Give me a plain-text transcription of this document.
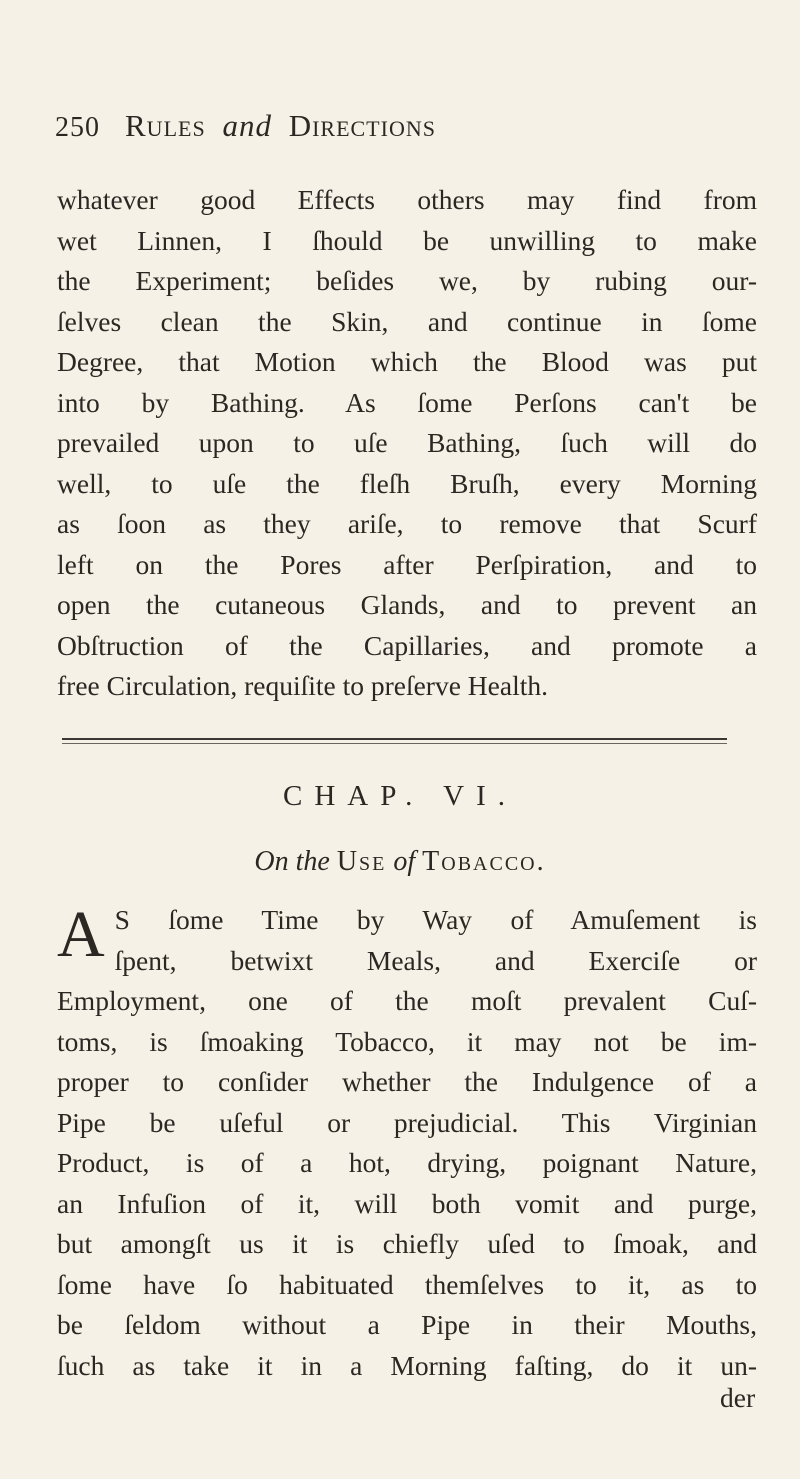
250 Rules and Directions
whatever good Effects others may find from
wet Linnen, I ſhould be unwilling to make
the Experiment; beſides we, by rubing our-
ſelves clean the Skin, and continue in ſome
Degree, that Motion which the Blood was put
into by Bathing. As ſome Perſons can't be
prevailed upon to uſe Bathing, ſuch will do
well, to uſe the fleſh Bruſh, every Morning
as ſoon as they ariſe, to remove that Scurf
left on the Pores after Perſpiration, and to
open the cutaneous Glands, and to prevent an
Obſtruction of the Capillaries, and promote a
free Circulation, requiſite to preſerve Health.
CHAP. VI.
On the Use of Tobacco.
A S ſome Time by Way of Amuſement is
ſpent, betwixt Meals, and Exerciſe or
Employment, one of the moſt prevalent Cuſ-
toms, is ſmoaking Tobacco, it may not be im-
proper to conſider whether the Indulgence of a
Pipe be uſeful or prejudicial. This Virginian
Product, is of a hot, drying, poignant Nature,
an Infuſion of it, will both vomit and purge,
but amongſt us it is chiefly uſed to ſmoak, and
ſome have ſo habituated themſelves to it, as to
be ſeldom without a Pipe in their Mouths,
ſuch as take it in a Morning faſting, do it un-
der
